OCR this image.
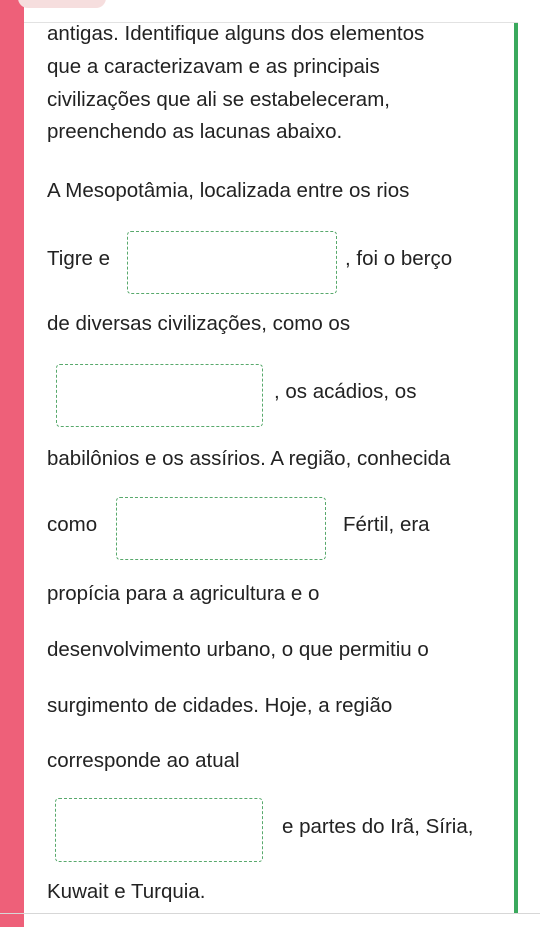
antigas. Identifique alguns dos elementos
que a caracterizavam e as principais
civilizações que ali se estabeleceram,
preenchendo as lacunas abaixo.
A Mesopotâmia, localizada entre os rios
Tigre e	, foi o berço
de diversas civilizações, como os
, os acádios, os
babilônios e os assírios. A região, conhecida
como	Fértil, era
propícia para a agricultura e o
desenvolvimento urbano, o que permitiu o
surgimento de cidades. Hoje, a região
corresponde ao atual
e partes do Irã, Síria,
Kuwait e Turquia.
